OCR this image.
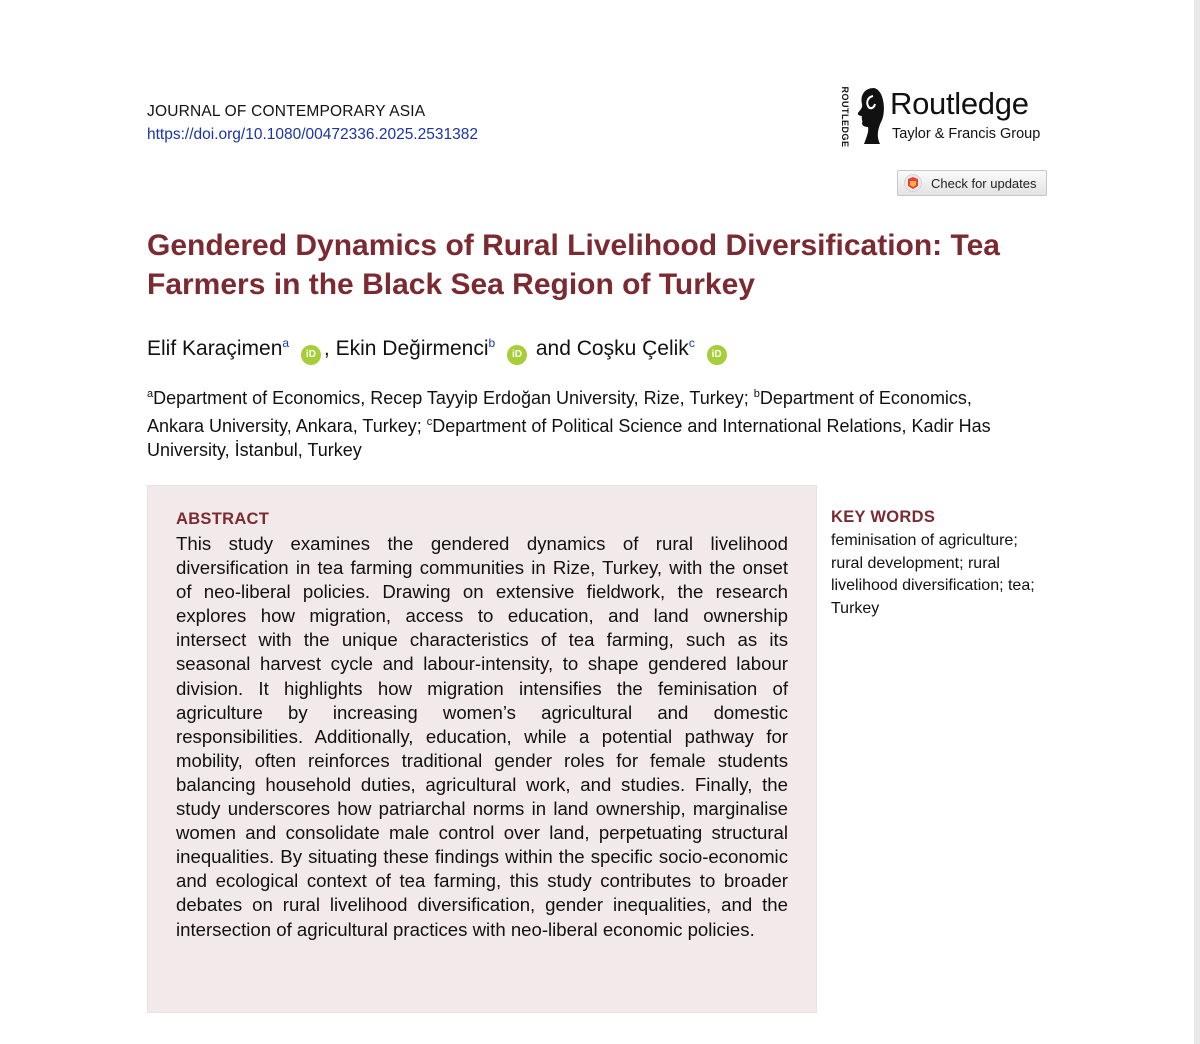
JOURNAL OF CONTEMPORARY ASIA
https://doi.org/10.1080/00472336.2025.2531382	ROUTLEDGE Routledge
Taylor & Francis Group
Check for updates
Gendered Dynamics of Rural Livelihood Diversification: Tea Farmers in the Black Sea Region of Turkey
Elif Karaçimen$^a$ iD , Ekin Değirmenci$^b$ iD and Coşku Çelik$^c$ iD
$^a$Department of Economics, Recep Tayyip Erdoğan University, Rize, Turkey; $^b$Department of Economics, Ankara University, Ankara, Turkey; $^c$Department of Political Science and International Relations, Kadir Has University, İstanbul, Turkey
ABSTRACT
This study examines the gendered dynamics of rural livelihood diversification in tea farming communities in Rize, Turkey, with the onset of neo-liberal policies. Drawing on extensive fieldwork, the research explores how migration, access to education, and land ownership intersect with the unique characteristics of tea farming, such as its seasonal harvest cycle and labour-intensity, to shape gendered labour division. It highlights how migration intensifies the feminisation of agriculture by increasing women’s agricultural and domestic responsibilities. Additionally, education, while a potential pathway for mobility, often reinforces traditional gender roles for female students balancing household duties, agricultural work, and studies. Finally, the study underscores how patriarchal norms in land ownership, marginalise women and consolidate male control over land, perpetuating structural inequalities. By situating these findings within the specific socio-economic and ecological context of tea farming, this study contributes to broader debates on rural livelihood diversification, gender inequalities, and the intersection of agricultural practices with neo-liberal economic policies.
KEY WORDS
feminisation of agriculture; rural development; rural livelihood diversification; tea; Turkey
